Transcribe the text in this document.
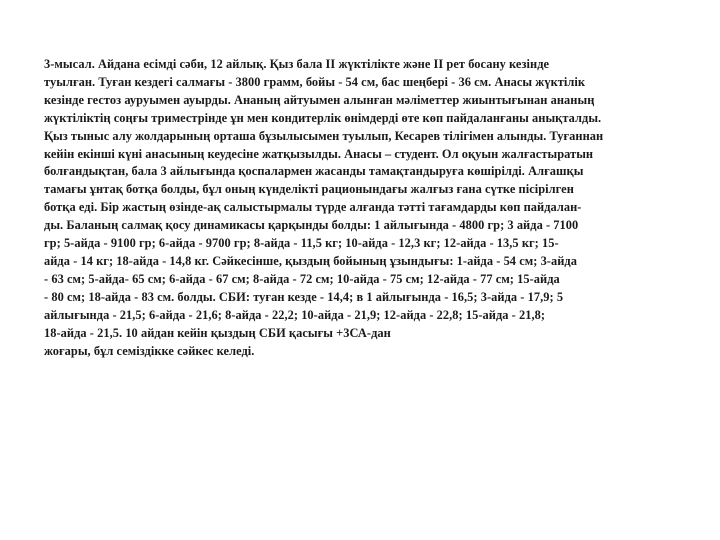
3-мысал. Айдана есімді сәби, 12 айлық. Қыз бала ІІ жүктілікте және ІІ рет босану кезінде
туылған. Туған кездегі салмағы - 3800 грамм, бойы - 54 см, бас шеңбері - 36 см. Анасы жүктілік
кезінде гестоз ауруымен ауырды. Ананың айтуымен алынған мәліметтер жиынтығынан ананың
жүктіліктің соңғы триместрінде ұн мен кондитерлік өнімдерді өте көп пайдаланғаны анықталды.
Қыз тыныс алу жолдарының орташа бұзылысымен туылып, Кесарев тілігімен алынды. Туғаннан
кейін екінші күні анасының кеудесіне жатқызылды. Анасы – студент. Ол оқуын жалғастыратын
болғандықтан, бала 3 айлығында қоспалармен жасанды тамақтандыруға көшірілді. Алғашқы
тамағы ұнтақ ботқа болды, бұл оның күнделікті рационындағы жалғыз ғана сүтке пісірілген
ботқа еді. Бір жастың өзінде-ақ салыстырмалы түрде алғанда тәтті тағамдарды көп пайдалан-
ды. Баланың салмақ қосу динамикасы қарқынды болды: 1 айлығында - 4800 гр; 3 айда - 7100
гр; 5-айда - 9100 гр; 6-айда - 9700 гр; 8-айда - 11,5 кг; 10-айда - 12,3 кг; 12-айда - 13,5 кг; 15-
айда - 14 кг; 18-айда - 14,8 кг. Сәйкесінше, қыздың бойының ұзындығы: 1-айда - 54 см; 3-айда
- 63 см; 5-айда- 65 см; 6-айда - 67 см; 8-айда - 72 см; 10-айда - 75 см; 12-айда - 77 см; 15-айда
- 80 см; 18-айда - 83 см. болды. СБИ: туған кезде - 14,4; в 1 айлығында - 16,5; 3-айда - 17,9; 5
айлығында - 21,5; 6-айда - 21,6; 8-айда - 22,2; 10-айда - 21,9; 12-айда - 22,8; 15-айда - 21,8;
18-айда - 21,5. 10 айдан кейін қыздың СБИ қасығы +3СА-дан
жоғары, бұл семіздікке сәйкес келеді.
